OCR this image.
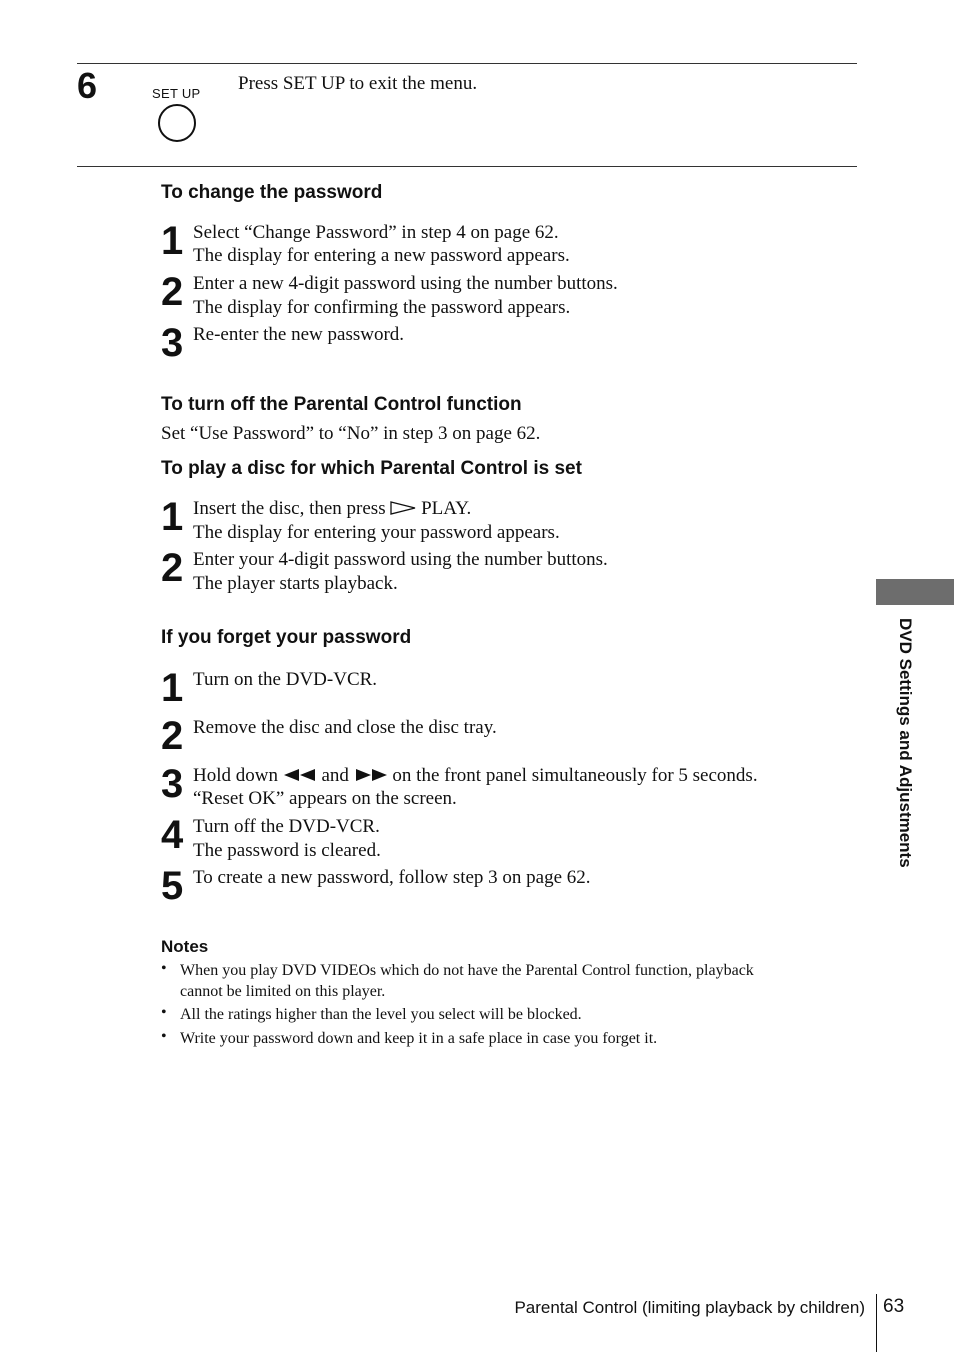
6	SET UP Press SET UP to exit the menu.
To change the password
1 Select “Change Password” in step 4 on page 62.
The display for entering a new password appears.
2 Enter a new 4-digit password using the number buttons.
The display for confirming the password appears.
3 Re-enter the new password.
To turn off the Parental Control function
Set “Use Password” to “No” in step 3 on page 62.
To play a disc for which Parental Control is set
1 Insert the disc, then press PLAY.
The display for entering your password appears.
2 Enter your 4-digit password using the number buttons.
The player starts playback.
If you forget your password
1 Turn on the DVD-VCR.
2 Remove the disc and close the disc tray.
3 Hold down and on the front panel simultaneously for 5 seconds.
“Reset OK” appears on the screen.
4 Turn off the DVD-VCR.
The password is cleared.
5 To create a new password, follow step 3 on page 62.
Notes
• When you play DVD VIDEOs which do not have the Parental Control function, playback
cannot be limited on this player.
• All the ratings higher than the level you select will be blocked.
• Write your password down and keep it in a safe place in case you forget it.
DVD Settings and Adjustments
Parental Control (limiting playback by children) 63
